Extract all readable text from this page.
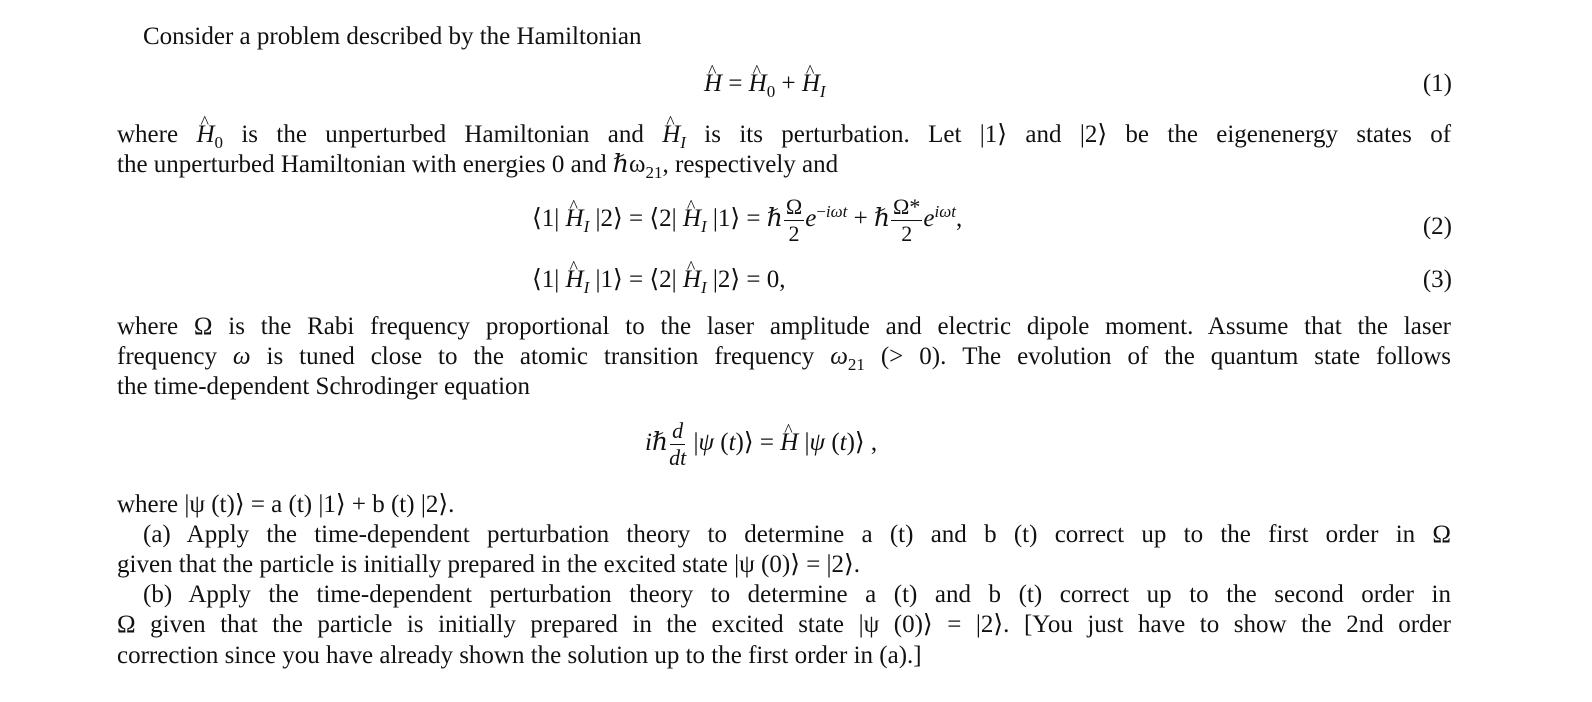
Consider a problem described by the Hamiltonian
^ H = ^ $H_0$ + ^ $H_I$	(1)
where ^ $H_0$ is the unperturbed Hamiltonian and ^ $H_I$ is its perturbation. Let |1⟩ and |2⟩ be the eigenenergy states of
the unperturbed Hamiltonian with energies 0 and ℏω$_{21}$, respectively and
⟨1| ^ $H_I$ |2⟩ = ⟨2| ^ $H_I$ |1⟩ = ℏ $\frac{\Omega}{2} e^{-i\omega t}$ + ℏ $\frac{\Omega*}{2} e^{i\omega t}$,	(2)
⟨1| ^ $H_I$ |1⟩ = ⟨2| ^ $H_I$ |2⟩ = 0,	(3)
where Ω is the Rabi frequency proportional to the laser amplitude and electric dipole moment. Assume that the laser
frequency ω is tuned close to the atomic transition frequency $\omega_{21}$ (> 0). The evolution of the quantum state follows
the time-dependent Schrodinger equation
iℏ $\frac{d}{dt} |\psi$ (t)⟩ = ^ H |ψ (t)⟩ ,
where |ψ (t)⟩ = a (t) |1⟩ + b (t) |2⟩.
(a) Apply the time-dependent perturbation theory to determine a (t) and b (t) correct up to the first order in Ω
given that the particle is initially prepared in the excited state |ψ (0)⟩ = |2⟩.
(b) Apply the time-dependent perturbation theory to determine a (t) and b (t) correct up to the second order in
Ω given that the particle is initially prepared in the excited state |ψ (0)⟩ = |2⟩. [You just have to show the 2nd order
correction since you have already shown the solution up to the first order in (a).]
